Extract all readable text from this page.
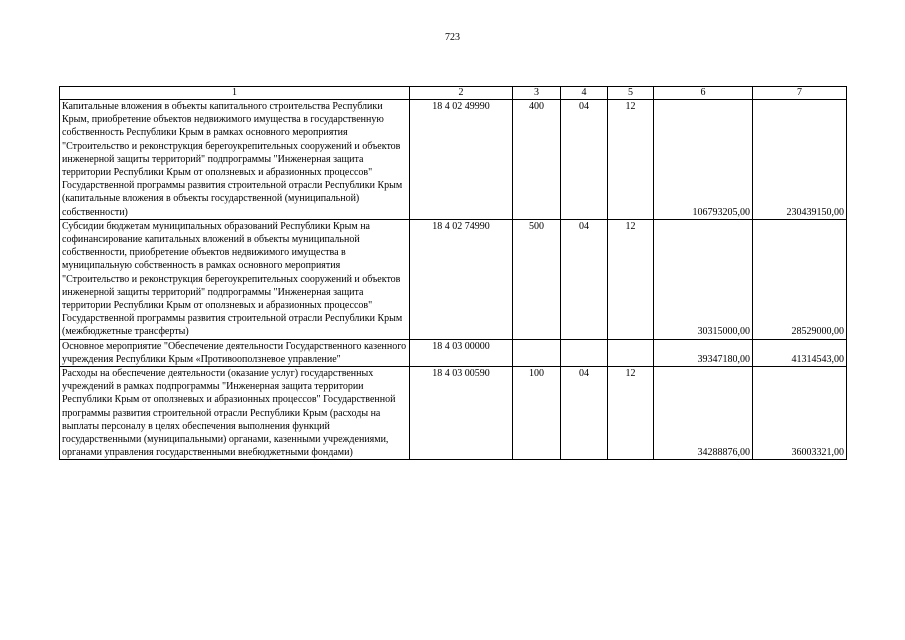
723
1	2	3	4	5	6	7
Капитальные вложения в объекты капитального строительства Республики Крым, приобретение объектов недвижимого имущества в государственную собственность Республики Крым в рамках основного мероприятия "Строительство и реконструкция берегоукрепительных сооружений и объектов инженерной защиты территорий" подпрограммы "Инженерная защита территории Республики Крым от оползневых и абразионных процессов" Государственной программы развития строительной отрасли Республики Крым (капитальные вложения в объекты государственной (муниципальной) собственности)	18 4 02 49990	400	04	12	106793205,00	230439150,00
Субсидии бюджетам муниципальных образований Республики Крым на софинансирование капитальных вложений в объекты муниципальной собственности, приобретение объектов недвижимого имущества в муниципальную собственность в рамках основного мероприятия "Строительство и реконструкция берегоукрепительных сооружений и объектов инженерной защиты территорий" подпрограммы "Инженерная защита территории Республики Крым от оползневых и абразионных процессов" Государственной программы развития строительной отрасли Республики Крым (межбюджетные трансферты)	18 4 02 74990	500	04	12	30315000,00	28529000,00
Основное мероприятие "Обеспечение деятельности Государственного казенного учреждения Республики Крым «Противооползневое управление"	18 4 03 00000				39347180,00	41314543,00
Расходы на обеспечение деятельности (оказание услуг) государственных учреждений в рамках подпрограммы "Инженерная защита территории Республики Крым от оползневых и абразионных процессов" Государственной программы развития строительной отрасли Республики Крым (расходы на выплаты персоналу в целях обеспечения выполнения функций государственными (муниципальными) органами, казенными учреждениями, органами управления государственными внебюджетными фондами)	18 4 03 00590	100	04	12	34288876,00	36003321,00
